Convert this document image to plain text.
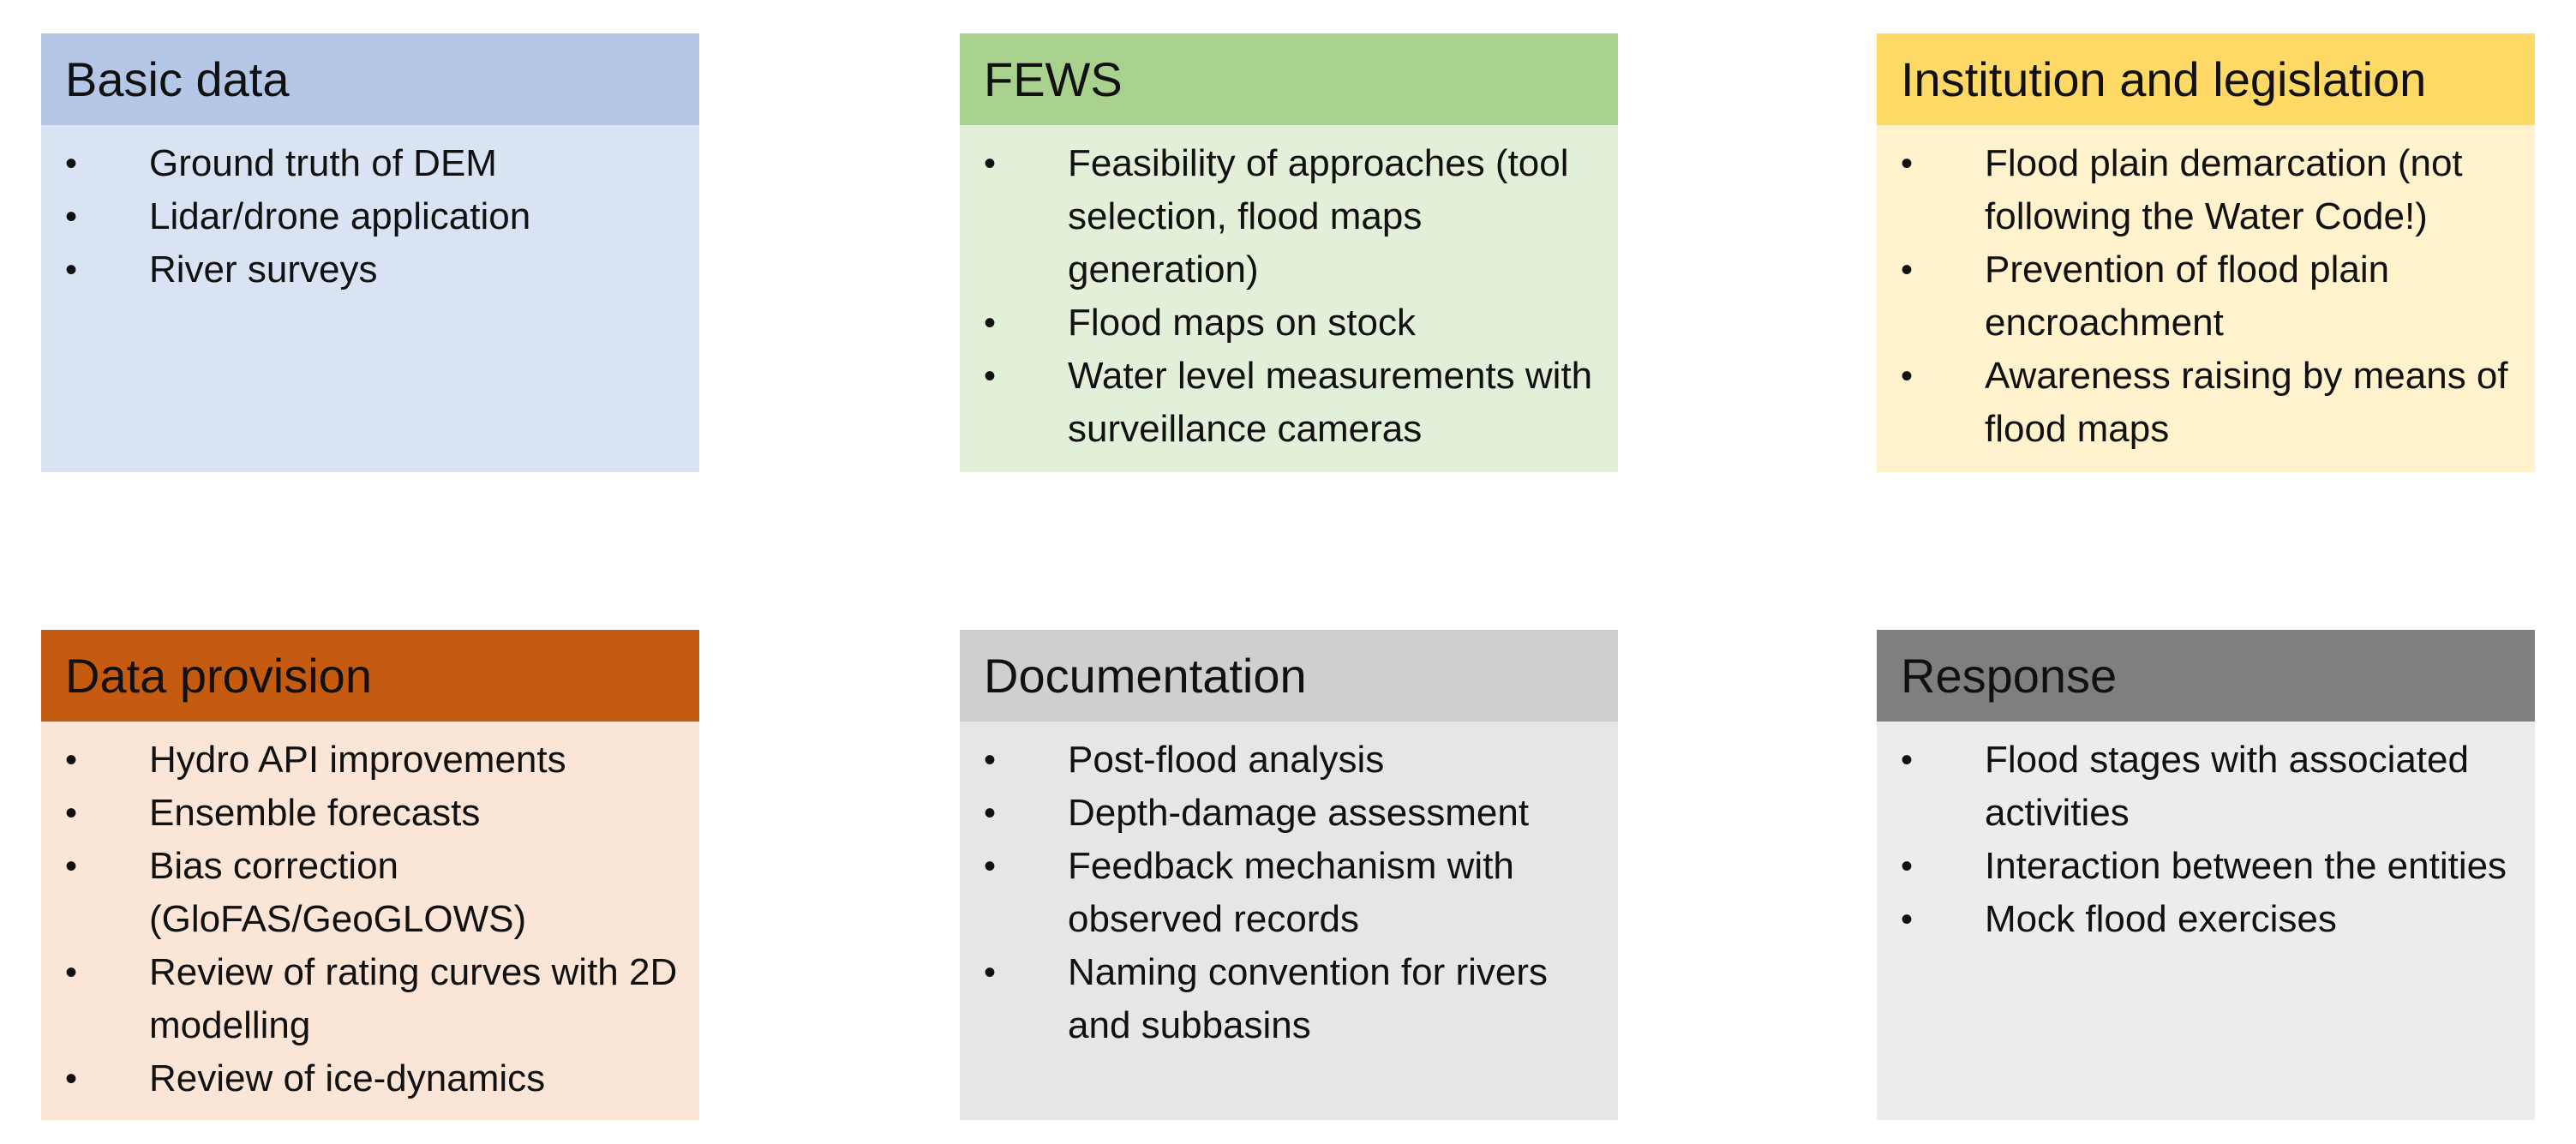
Basic data
• Ground truth of DEM
• Lidar/drone application
• River surveys
FEWS
• Feasibility of approaches (tool selection, flood maps generation)
• Flood maps on stock
• Water level measurements with surveillance cameras
Institution and legislation
• Flood plain demarcation (not following the Water Code!)
• Prevention of flood plain encroachment
• Awareness raising by means of flood maps
Data provision
• Hydro API improvements
• Ensemble forecasts
• Bias correction (GloFAS/GeoGLOWS)
• Review of rating curves with 2D modelling
• Review of ice-dynamics
Documentation
• Post-flood analysis
• Depth-damage assessment
• Feedback mechanism with observed records
• Naming convention for rivers and subbasins
Response
• Flood stages with associated activities
• Interaction between the entities
• Mock flood exercises
